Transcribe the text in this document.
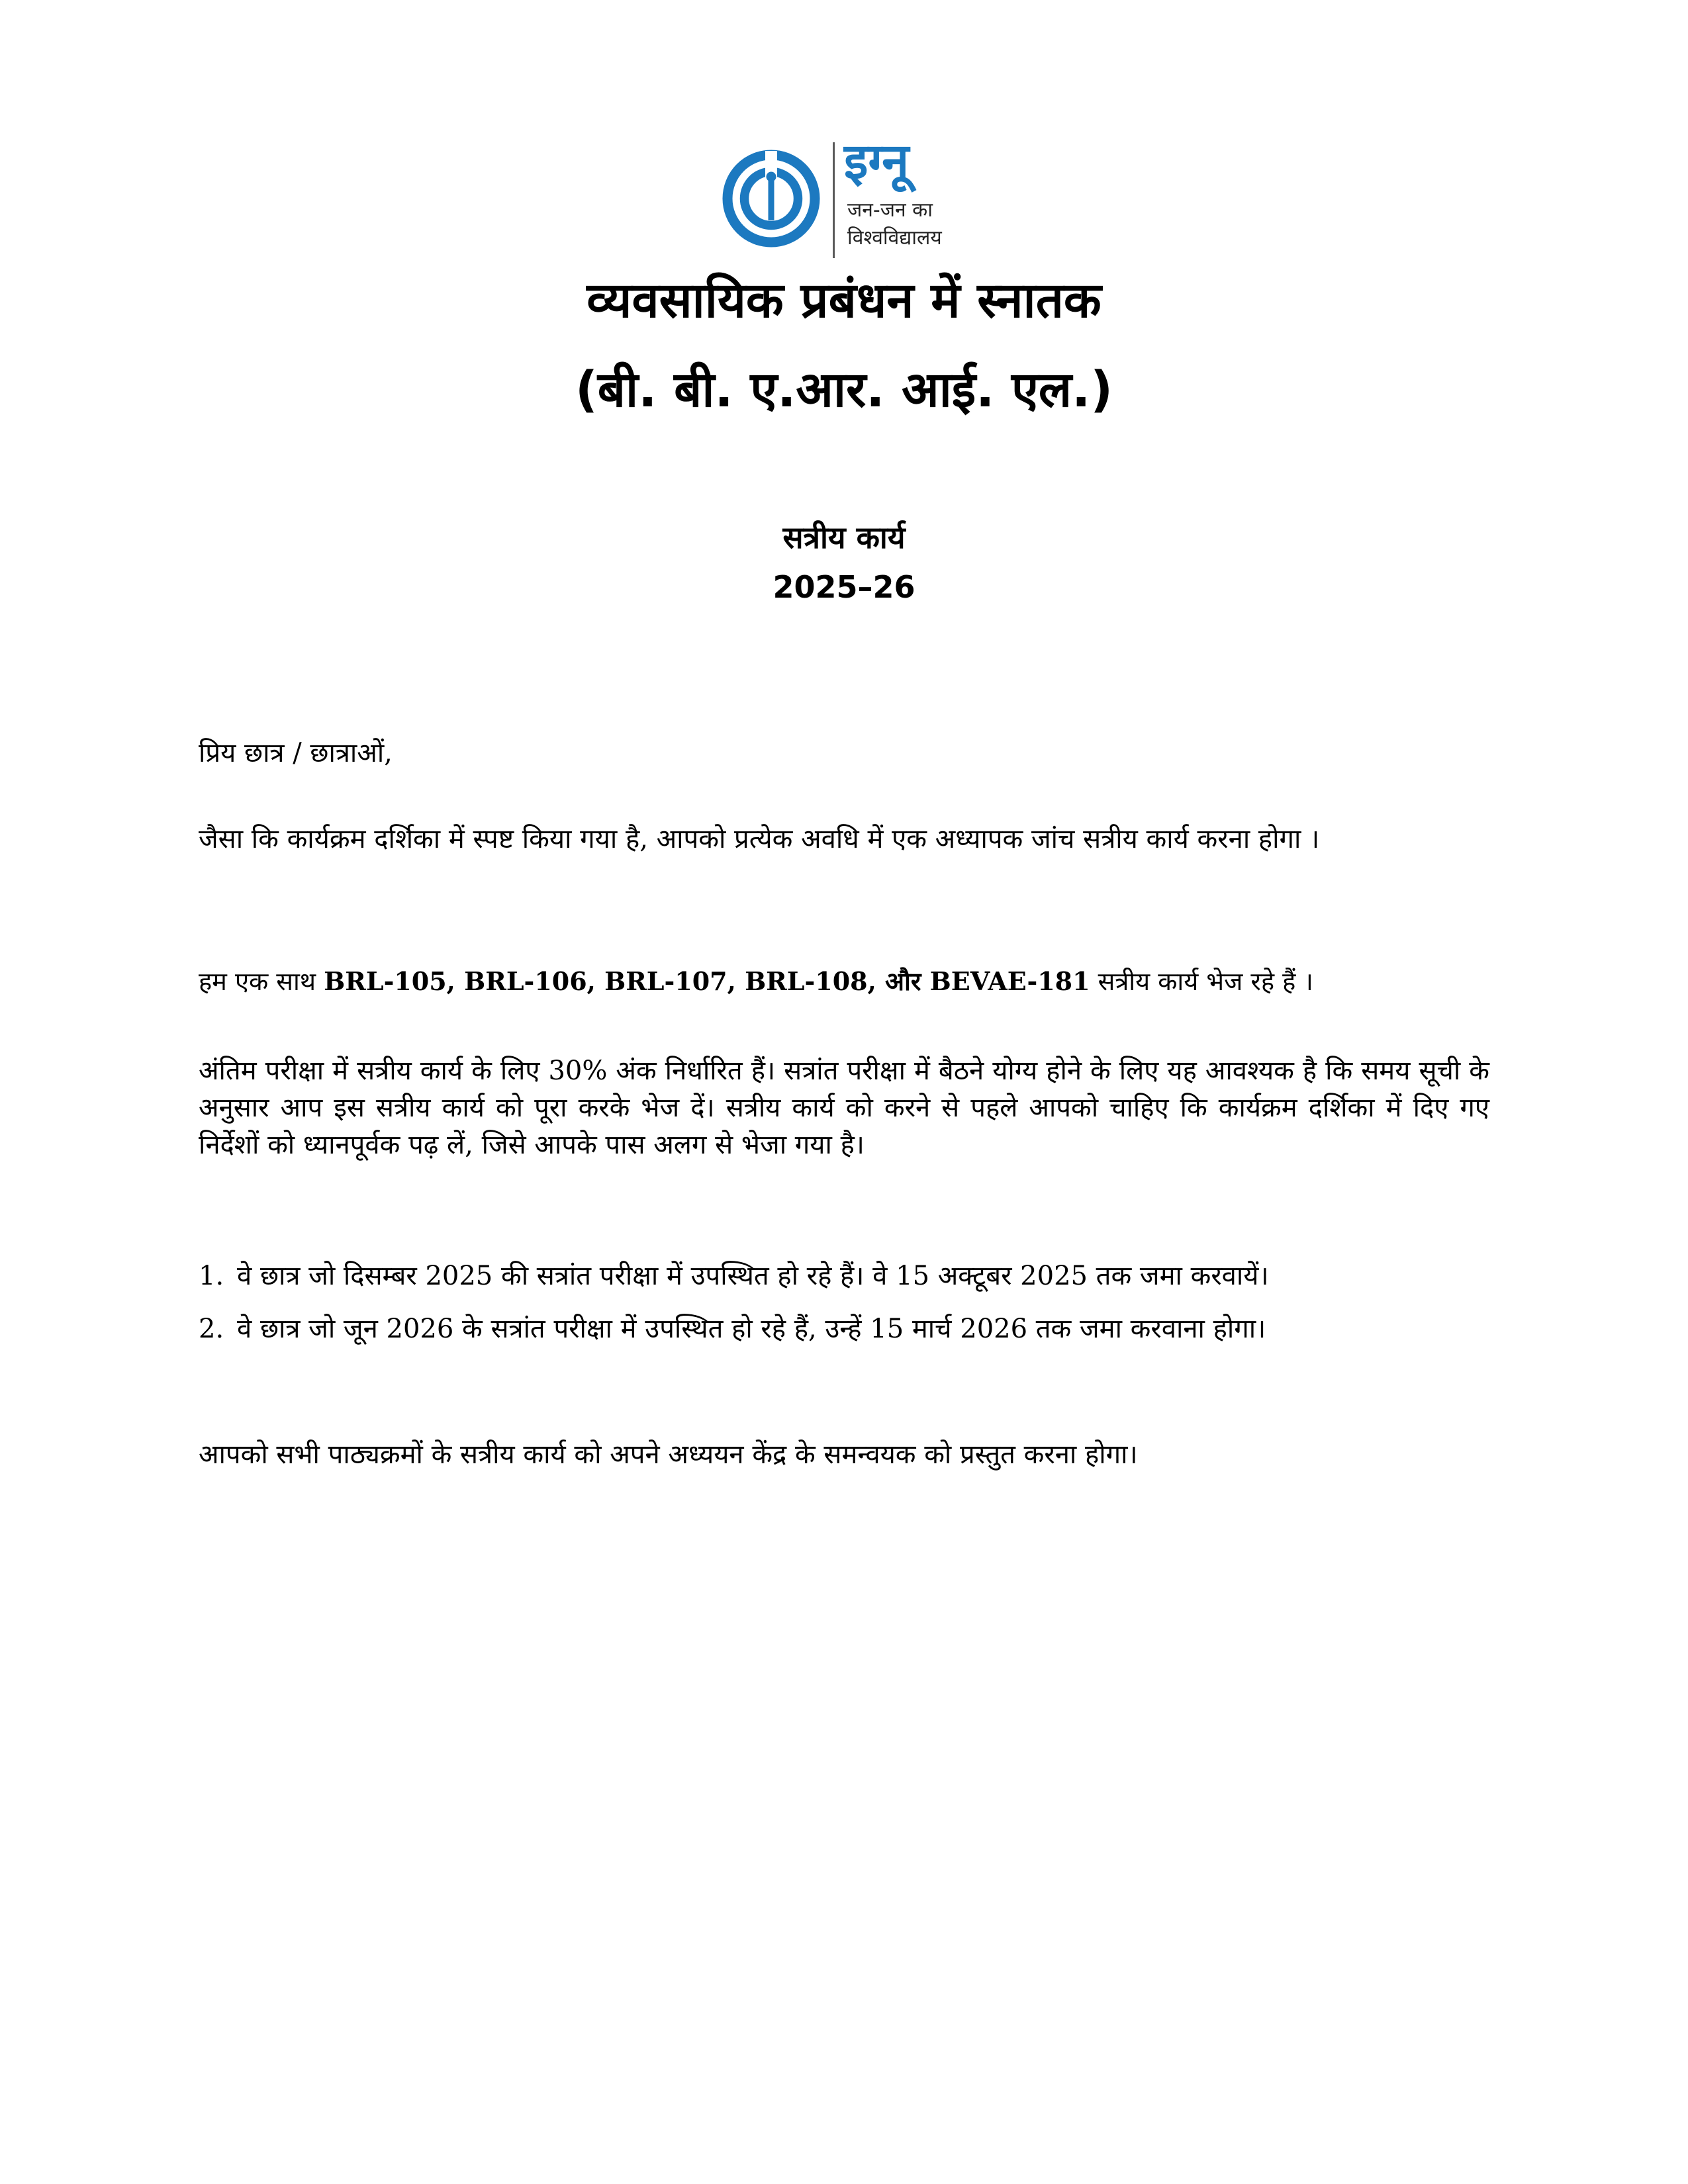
इग्नू
जन-जन का
विश्वविद्यालय
व्यवसायिक प्रबंधन में स्नातक
(बी. बी. ए.आर. आई. एल.)
सत्रीय कार्य
2025–26
प्रिय छात्र / छात्राओं,
जैसा कि कार्यक्रम दर्शिका में स्पष्ट किया गया है, आपको प्रत्येक अवधि में एक अध्यापक जांच सत्रीय कार्य करना होगा ।
हम एक साथ BRL-105, BRL-106, BRL-107, BRL-108, और BEVAE-181 सत्रीय कार्य भेज रहे हैं ।
अंतिम परीक्षा में सत्रीय कार्य के लिए 30% अंक निर्धारित हैं। सत्रांत परीक्षा में बैठने योग्य होने के लिए यह आवश्यक है कि समय सूची के अनुसार आप इस सत्रीय कार्य को पूरा करके भेज दें। सत्रीय कार्य को करने से पहले आपको चाहिए कि कार्यक्रम दर्शिका में दिए गए निर्देशों को ध्यानपूर्वक पढ़ लें, जिसे आपके पास अलग से भेजा गया है।
1. वे छात्र जो दिसम्बर 2025 की सत्रांत परीक्षा में उपस्थित हो रहे हैं। वे 15 अक्टूबर 2025 तक जमा करवायें।
2. वे छात्र जो जून 2026 के सत्रांत परीक्षा में उपस्थित हो रहे हैं, उन्हें 15 मार्च 2026 तक जमा करवाना होगा।
आपको सभी पाठ्यक्रमों के सत्रीय कार्य को अपने अध्ययन केंद्र के समन्वयक को प्रस्तुत करना होगा।
